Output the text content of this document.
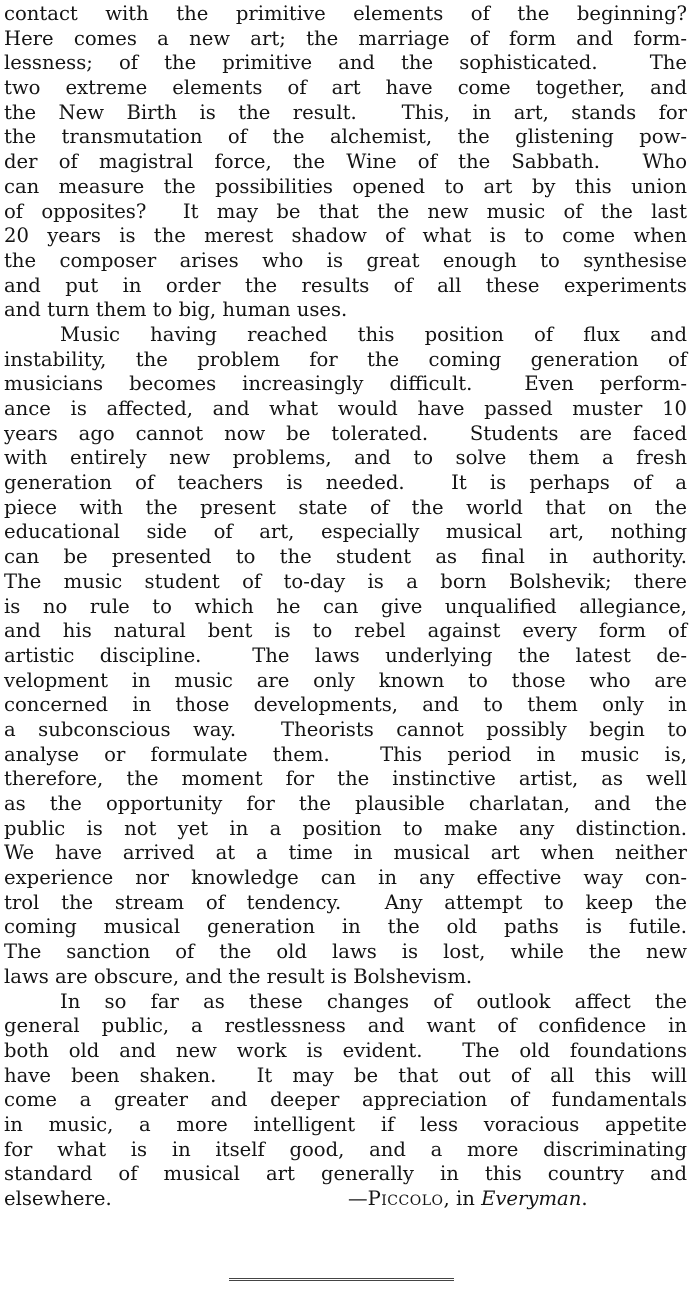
contact with the primitive elements of the beginning?
Here comes a new art; the marriage of form and form-
lessness; of the primitive and the sophisticated.  The
two extreme elements of art have come together, and
the New Birth is the result.  This, in art, stands for
the transmutation of the alchemist, the glistening pow-
der of magistral force, the Wine of the Sabbath.  Who
can measure the possibilities opened to art by this union
of opposites?  It may be that the new music of the last
20 years is the merest shadow of what is to come when
the composer arises who is great enough to synthesise
and put in order the results of all these experiments
and turn them to big, human uses.
Music having reached this position of flux and
instability, the problem for the coming generation of
musicians becomes increasingly difficult.  Even perform-
ance is affected, and what would have passed muster 10
years ago cannot now be tolerated.  Students are faced
with entirely new problems, and to solve them a fresh
generation of teachers is needed.  It is perhaps of a
piece with the present state of the world that on the
educational side of art, especially musical art, nothing
can be presented to the student as final in authority.
The music student of to-day is a born Bolshevik; there
is no rule to which he can give unqualified allegiance,
and his natural bent is to rebel against every form of
artistic discipline.  The laws underlying the latest de-
velopment in music are only known to those who are
concerned in those developments, and to them only in
a subconscious way.  Theorists cannot possibly begin to
analyse or formulate them.  This period in music is,
therefore, the moment for the instinctive artist, as well
as the opportunity for the plausible charlatan, and the
public is not yet in a position to make any distinction.
We have arrived at a time in musical art when neither
experience nor knowledge can in any effective way con-
trol the stream of tendency.  Any attempt to keep the
coming musical generation in the old paths is futile.
The sanction of the old laws is lost, while the new
laws are obscure, and the result is Bolshevism.
In so far as these changes of outlook affect the
general public, a restlessness and want of confidence in
both old and new work is evident.  The old foundations
have been shaken.  It may be that out of all this will
come a greater and deeper appreciation of fundamentals
in music, a more intelligent if less voracious appetite
for what is in itself good, and a more discriminating
standard of musical art generally in this country and

elsewhere.

	—Piccolo, in Everyman.
